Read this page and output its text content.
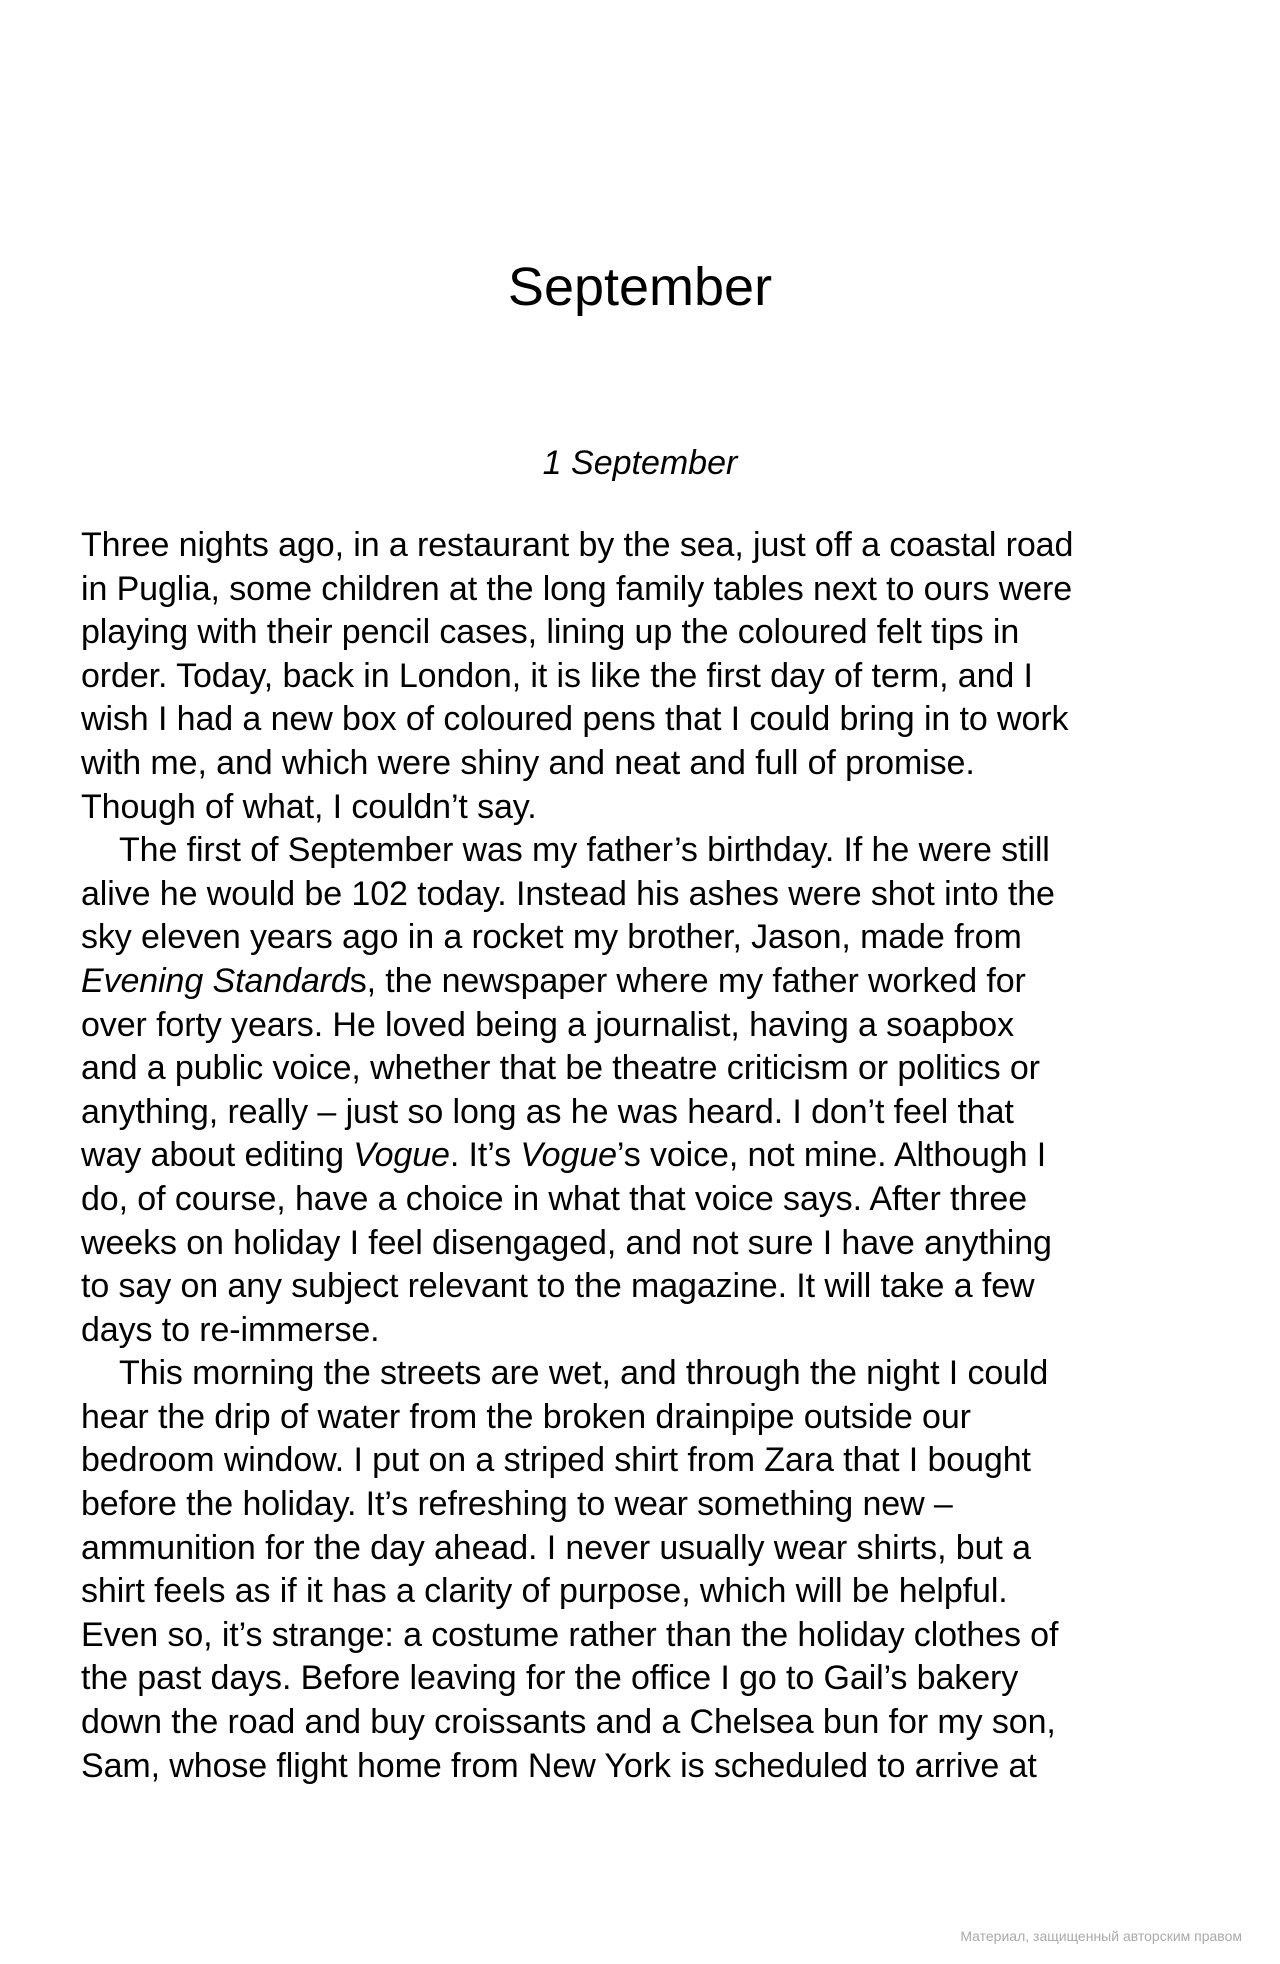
September
1 September
Three nights ago, in a restaurant by the sea, just off a coastal road
in Puglia, some children at the long family tables next to ours were
playing with their pencil cases, lining up the coloured felt tips in
order. Today, back in London, it is like the first day of term, and I
wish I had a new box of coloured pens that I could bring in to work
with me, and which were shiny and neat and full of promise.
Though of what, I couldn’t say.
The first of September was my father’s birthday. If he were still
alive he would be 102 today. Instead his ashes were shot into the
sky eleven years ago in a rocket my brother, Jason, made from
Evening Standards, the newspaper where my father worked for
over forty years. He loved being a journalist, having a soapbox
and a public voice, whether that be theatre criticism or politics or
anything, really – just so long as he was heard. I don’t feel that
way about editing Vogue. It’s Vogue’s voice, not mine. Although I
do, of course, have a choice in what that voice says. After three
weeks on holiday I feel disengaged, and not sure I have anything
to say on any subject relevant to the magazine. It will take a few
days to re-immerse.
This morning the streets are wet, and through the night I could
hear the drip of water from the broken drainpipe outside our
bedroom window. I put on a striped shirt from Zara that I bought
before the holiday. It’s refreshing to wear something new –
ammunition for the day ahead. I never usually wear shirts, but a
shirt feels as if it has a clarity of purpose, which will be helpful.
Even so, it’s strange: a costume rather than the holiday clothes of
the past days. Before leaving for the office I go to Gail’s bakery
down the road and buy croissants and a Chelsea bun for my son,
Sam, whose flight home from New York is scheduled to arrive at
Материал, защищенный авторским правом
